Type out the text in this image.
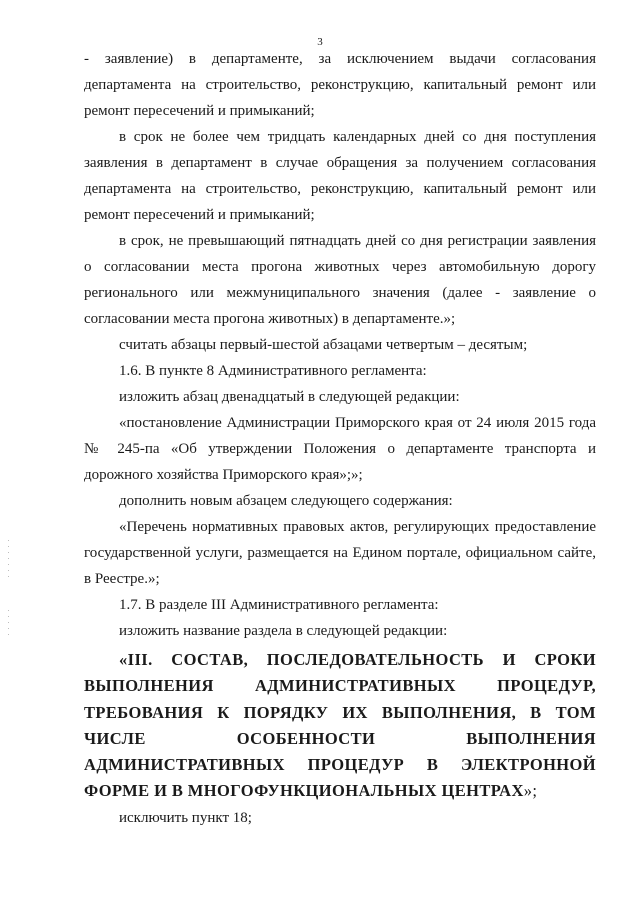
3

- заявление) в департаменте, за исключением выдачи согласования департамента на строительство, реконструкцию, капитальный ремонт или ремонт пересечений и примыканий;

в срок не более чем тридцать календарных дней со дня поступления заявления в департамент в случае обращения за получением согласования департамента на строительство, реконструкцию, капитальный ремонт или ремонт пересечений и примыканий;

в срок, не превышающий пятнадцать дней со дня регистрации заявления о согласовании места прогона животных через автомобильную дорогу регионального или межмуниципального значения (далее - заявление о согласовании места прогона животных) в департаменте.»;

считать абзацы первый-шестой абзацами четвертым – десятым;

1.6. В пункте 8 Административного регламента:

изложить абзац двенадцатый в следующей редакции:

«постановление Администрации Приморского края от 24 июля 2015 года № 245-па «Об утверждении Положения о департаменте транспорта и дорожного хозяйства Приморского края»;»;

дополнить новым абзацем следующего содержания:

«Перечень нормативных правовых актов, регулирующих предоставление государственной услуги, размещается на Едином портале, официальном сайте, в Реестре.»;

1.7. В разделе III Административного регламента:

изложить название раздела в следующей редакции:

«III. СОСТАВ, ПОСЛЕДОВАТЕЛЬНОСТЬ И СРОКИ ВЫПОЛНЕНИЯ АДМИНИСТРАТИВНЫХ ПРОЦЕДУР, ТРЕБОВАНИЯ К ПОРЯДКУ ИХ ВЫПОЛНЕНИЯ, В ТОМ ЧИСЛЕ ОСОБЕННОСТИ ВЫПОЛНЕНИЯ АДМИНИСТРАТИВНЫХ ПРОЦЕДУР В ЭЛЕКТРОННОЙ ФОРМЕ И В МНОГОФУНКЦИОНАЛЬНЫХ ЦЕНТРАХ»;

исключить пункт 18;
